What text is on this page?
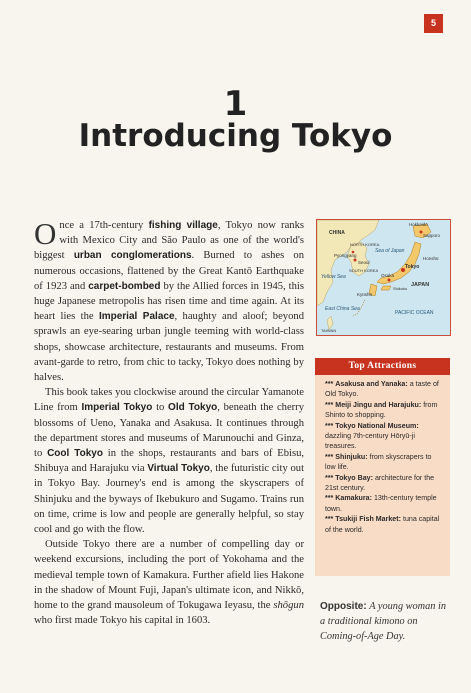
5
1
Introducing Tokyo

Once a 17th-century fishing village, Tokyo now ranks with Mexico City and São Paulo as one of the world's biggest urban conglomerations. Burned to ashes on numerous occasions, flattened by the Great Kantō Earthquake of 1923 and carpet-bombed by the Allied forces in 1945, this huge Japanese metropolis has risen time and time again. At its heart lies the Imperial Palace, haughty and aloof; beyond sprawls an eye-searing urban jungle teeming with world-class shops, showcase architecture, restaurants and museums. From avant-garde to retro, from chic to tacky, Tokyo does nothing by halves.

This book takes you clockwise around the circular Yamanote Line from Imperial Tokyo to Old Tokyo, beneath the cherry blossoms of Ueno, Yanaka and Asakusa. It continues through the department stores and museums of Marunouchi and Ginza, to Cool Tokyo in the shops, restaurants and bars of Ebisu, Shibuya and Harajuku via Virtual Tokyo, the futuristic city out in Tokyo Bay. Journey's end is among the skyscrapers of Shinjuku and the byways of Ikebukuro and Sugamo. Trains run on time, crime is low and people are generally helpful, so stay cool and go with the flow.

Outside Tokyo there are a number of compelling day or weekend excursions, including the port of Yokohama and the medieval temple town of Kamakura. Further afield lies Hakone in the shadow of Mount Fuji, Japan's ultimate icon, and Nikkō, home to the grand mausoleum of Tokugawa Ieyasu, the shōgun who first made Tokyo his capital in 1603.

CHINA
Hokkaidō
Sapporo
NORTH KOREA
Pyongyang
Seoul
SOUTH KOREA
Sea of Japan
Honshū
Yellow Sea
Tokyo
Osaka
Shikoku
Kyūshū
JAPAN
East China Sea
TAIWAN
PACIFIC OCEAN
Top Attractions
*** Asakusa and Yanaka: a taste of Old Tokyo.
*** Meiji Jingu and Harajuku: from Shinto to shopping.
*** Tokyo National Museum: dazzling 7th-century Hōryū-ji treasures.
*** Shinjuku: from skyscrapers to low life.
*** Tokyo Bay: architecture for the 21st century.
*** Kamakura: 13th-century temple town.
*** Tsukiji Fish Market: tuna capital of the world.
Opposite: A young woman in a traditional kimono on Coming-of-Age Day.
